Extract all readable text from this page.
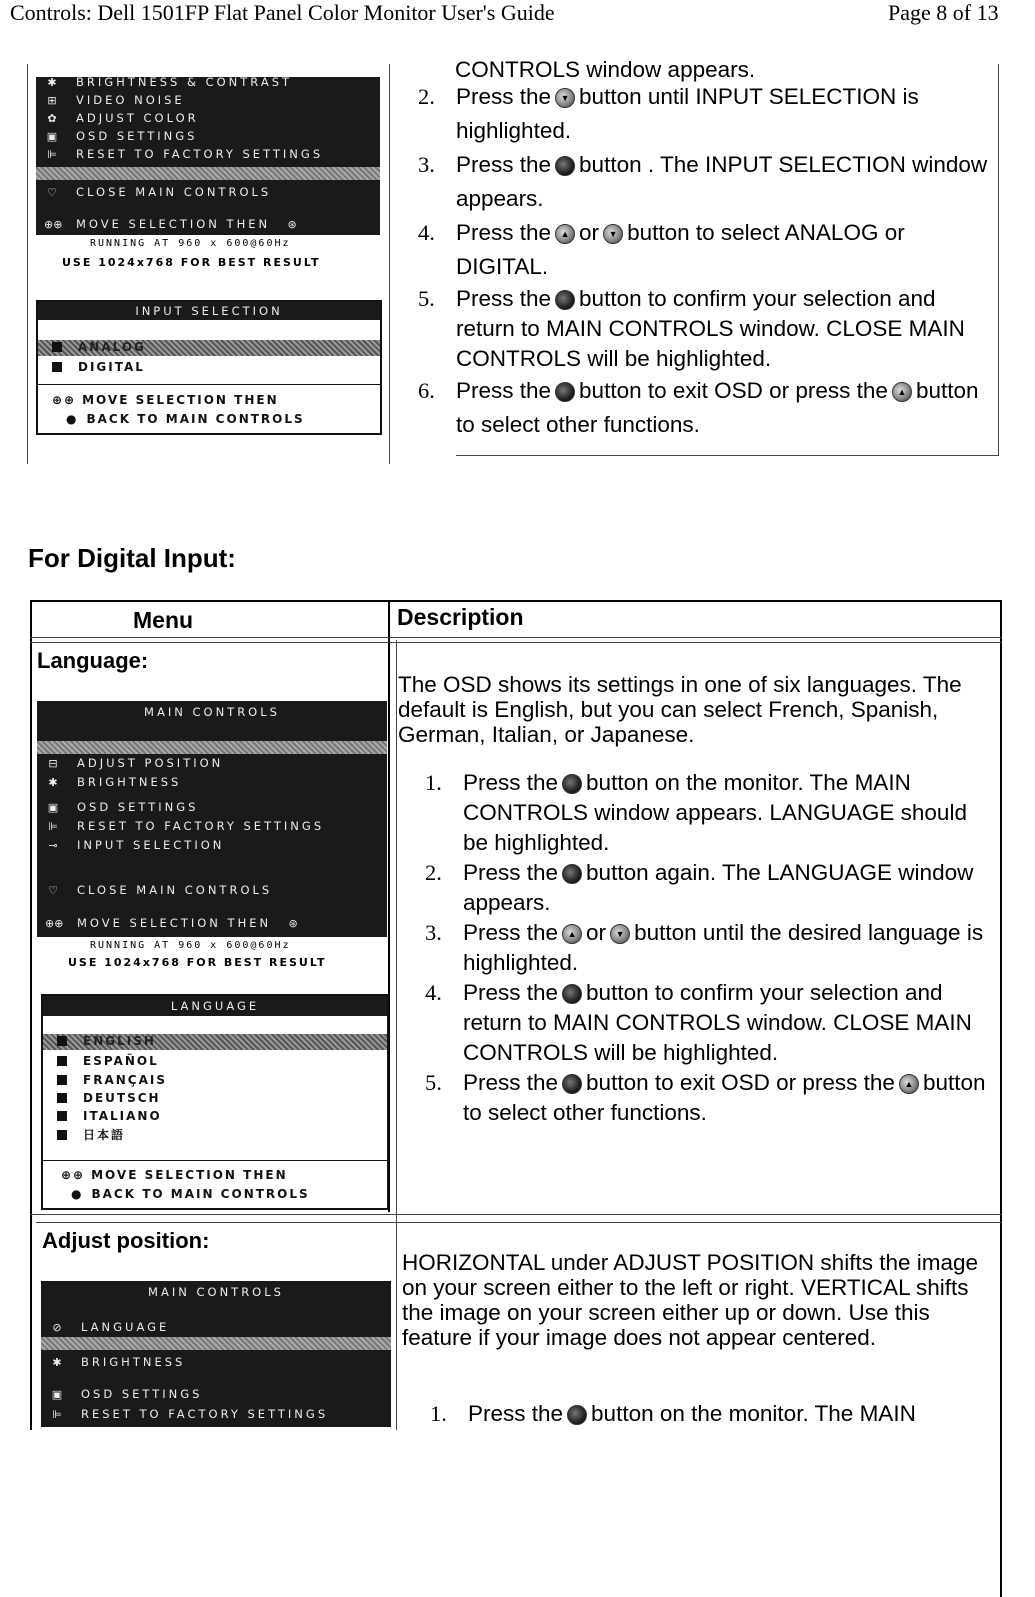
Controls: Dell 1501FP Flat Panel Color Monitor User's Guide	Page 8 of 13
✱ BRIGHTNESS & CONTRAST
⊞ VIDEO NOISE
✿ ADJUST COLOR
▣ OSD SETTINGS
⊫ RESET TO FACTORY SETTINGS
♡ CLOSE MAIN CONTROLS
⊕⊕ MOVE SELECTION THEN	⊛
RUNNING AT 960 x 600@60Hz
USE 1024x768 FOR BEST RESULT
INPUT SELECTION
ANALOG
DIGITAL
⊕⊕ MOVE SELECTION THEN
● BACK TO MAIN CONTROLS
CONTROLS window appears.
2. Press the ▼ button until INPUT SELECTION is highlighted.
3. Press the button . The INPUT SELECTION window appears.
4. Press the ▲ or ▼ button to select ANALOG or DIGITAL.
5. Press the button to confirm your selection and return to MAIN CONTROLS window. CLOSE MAIN CONTROLS will be highlighted.
6. Press the button to exit OSD or press the ▲ button to select other functions.
For Digital Input:
Menu	Description
Language:
MAIN CONTROLS
⊟ ADJUST POSITION
✱ BRIGHTNESS
▣ OSD SETTINGS
⊫ RESET TO FACTORY SETTINGS
⊸ INPUT SELECTION
♡ CLOSE MAIN CONTROLS
⊕⊕ MOVE SELECTION THEN	⊛
RUNNING AT 960 x 600@60Hz
USE 1024x768 FOR BEST RESULT
LANGUAGE
ENGLISH
ESPAÑOL
FRANÇAIS
DEUTSCH
ITALIANO
日本語
⊕⊕ MOVE SELECTION THEN
● BACK TO MAIN CONTROLS
The OSD shows its settings in one of six languages. The default is English, but you can select French, Spanish, German, Italian, or Japanese.
1. Press the button on the monitor. The MAIN CONTROLS window appears. LANGUAGE should be highlighted.
2. Press the button again. The LANGUAGE window appears.
3. Press the ▲ or ▼ button until the desired language is highlighted.
4. Press the button to confirm your selection and return to MAIN CONTROLS window. CLOSE MAIN CONTROLS will be highlighted.
5. Press the button to exit OSD or press the ▲ button to select other functions.
Adjust position:
MAIN CONTROLS
⊘ LANGUAGE
✱ BRIGHTNESS
▣ OSD SETTINGS
⊫ RESET TO FACTORY SETTINGS
HORIZONTAL under ADJUST POSITION shifts the image on your screen either to the left or right. VERTICAL shifts the image on your screen either up or down. Use this feature if your image does not appear centered.
1. Press the button on the monitor. The MAIN
